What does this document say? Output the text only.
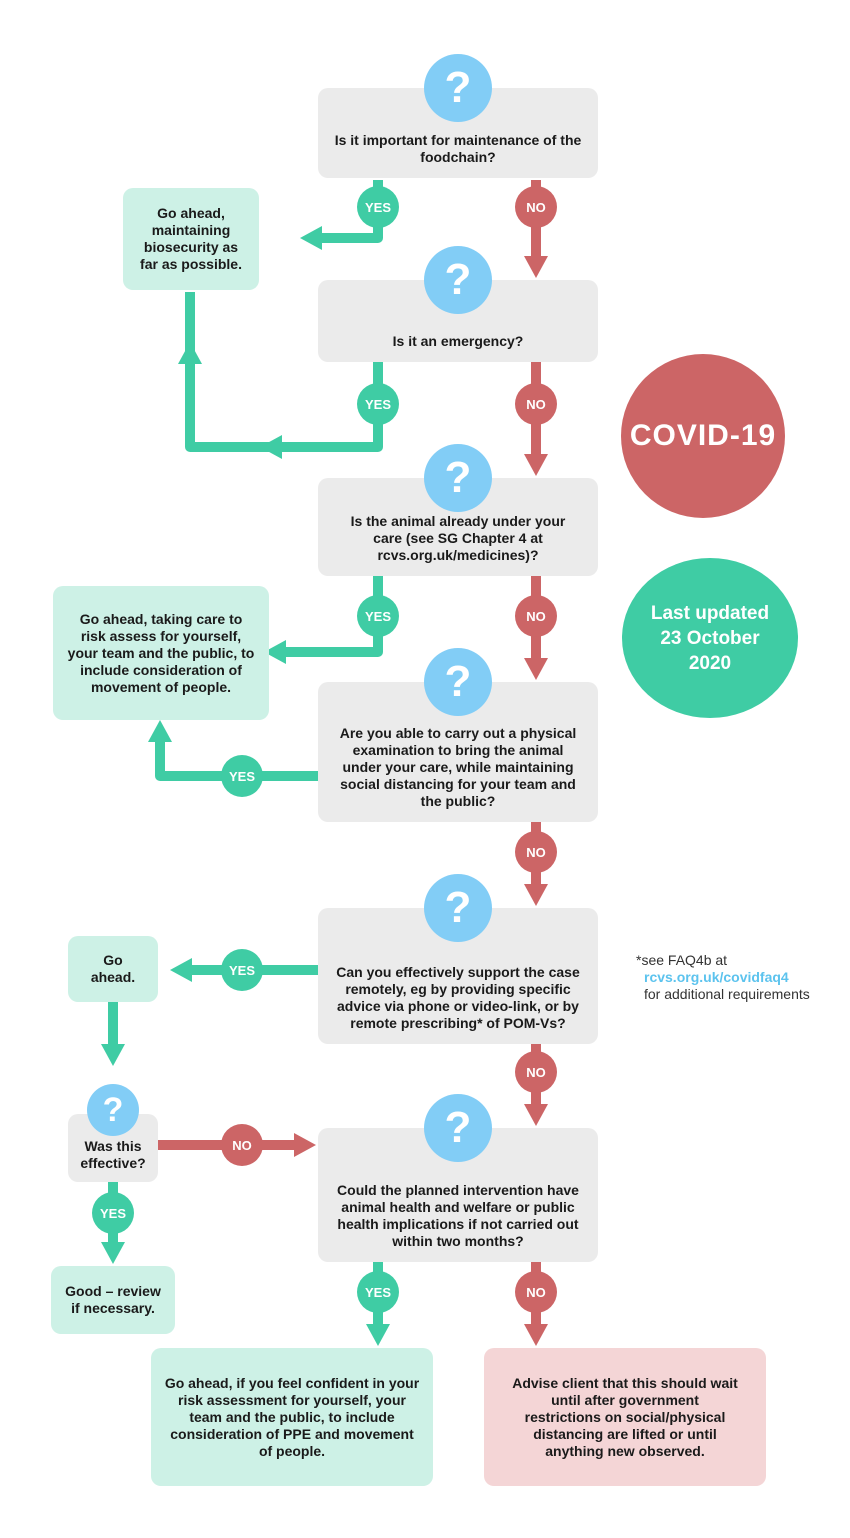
Is it important for maintenance of the foodchain?
Is it an emergency?
Is the animal already under your care (see SG Chapter 4 at rcvs.org.uk/medicines)?
Are you able to carry out a physical examination to bring the animal under your care, while maintaining social distancing for your team and the public?
Can you effectively support the case remotely, eg by providing specific advice via phone or video-link, or by remote prescribing* of POM-Vs?
Could the planned intervention have animal health and welfare or public health implications if not carried out within two months?
Was this effective?
?
?
?
?
?
?
?
Go ahead, maintaining biosecurity as far as possible.
Go ahead, taking care to risk assess for yourself, your team and the public, to include consideration of movement of people.
Go ahead.
Good – review if necessary.
Go ahead, if you feel confident in your risk assessment for yourself, your team and the public, to include consideration of PPE and movement of people.
Advise client that this should wait until after government restrictions on social/physical distancing are lifted or until anything new observed.
YES
YES
YES
YES
YES
YES
YES
NO
NO
NO
NO
NO
NO
NO
COVID-19
Last updated 23 October 2020
*see FAQ4b at
rcvs.org.uk/covidfaq4
for additional requirements
